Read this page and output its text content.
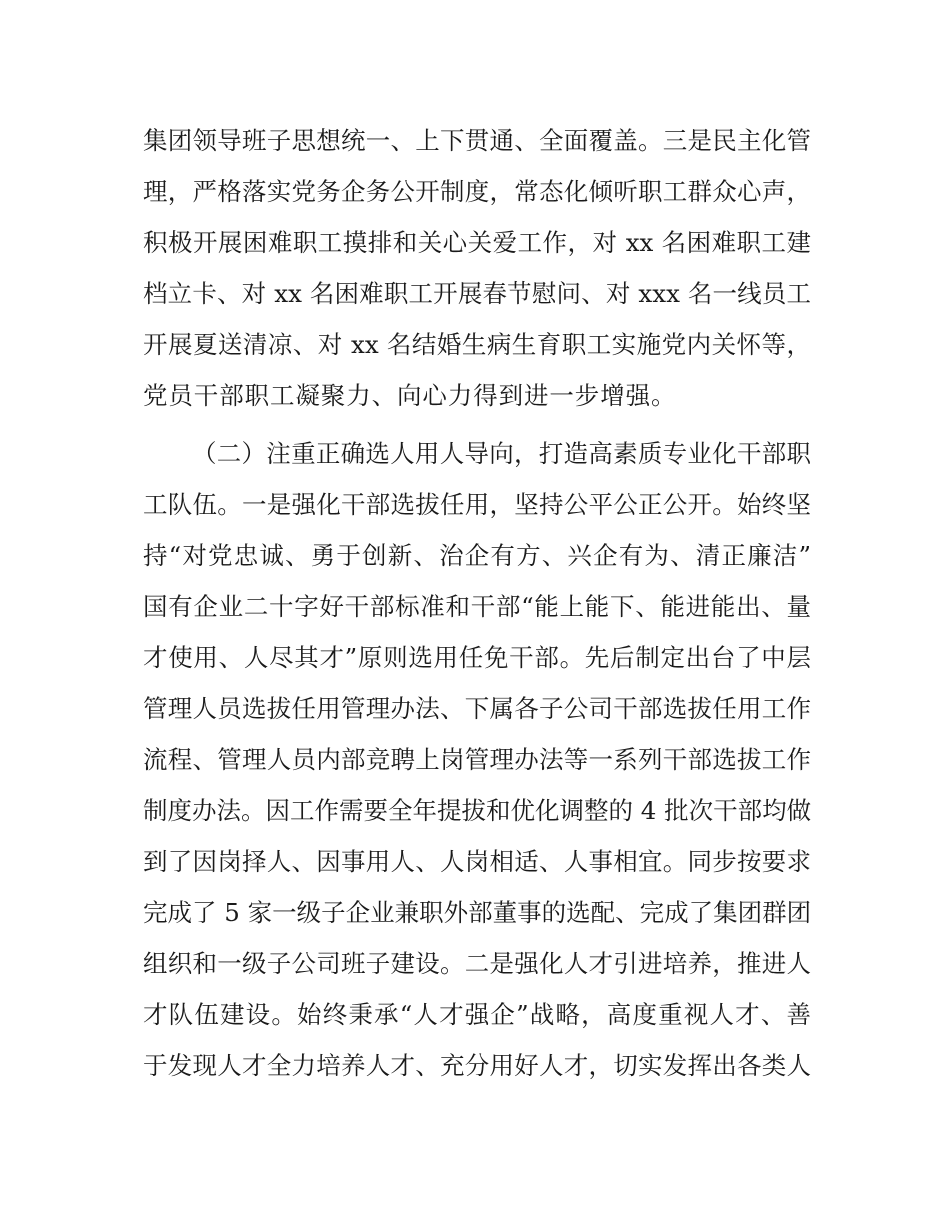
集团领导班子思想统一、上下贯通、全面覆盖。三是民主化管
理，严格落实党务企务公开制度，常态化倾听职工群众心声，
积极开展困难职工摸排和关心关爱工作，对 xx 名困难职工建
档立卡、对 xx 名困难职工开展春节慰问、对 xxx 名一线员工
开展夏送清凉、对 xx 名结婚生病生育职工实施党内关怀等，
党员干部职工凝聚力、向心力得到进一步增强。
（二）注重正确选人用人导向，打造高素质专业化干部职
工队伍。一是强化干部选拔任用，坚持公平公正公开。始终坚
持“对党忠诚、勇于创新、治企有方、兴企有为、清正廉洁”
国有企业二十字好干部标准和干部“能上能下、能进能出、量
才使用、人尽其才”原则选用任免干部。先后制定出台了中层
管理人员选拔任用管理办法、下属各子公司干部选拔任用工作
流程、管理人员内部竞聘上岗管理办法等一系列干部选拔工作
制度办法。因工作需要全年提拔和优化调整的 4 批次干部均做
到了因岗择人、因事用人、人岗相适、人事相宜。同步按要求
完成了 5 家一级子企业兼职外部董事的选配、完成了集团群团
组织和一级子公司班子建设。二是强化人才引进培养，推进人
才队伍建设。始终秉承“人才强企”战略，高度重视人才、善
于发现人才全力培养人才、充分用好人才，切实发挥出各类人
